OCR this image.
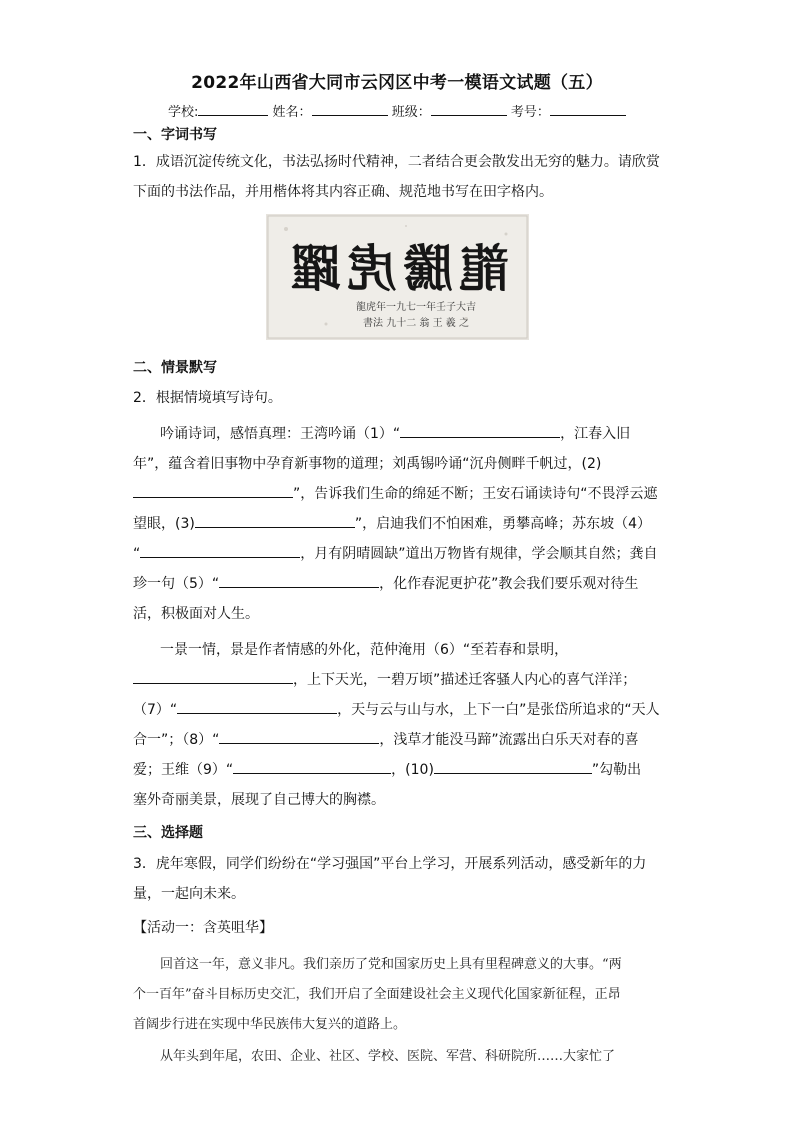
2022年山西省大同市云冈区中考一模语文试题（五）
学校:	姓名：	班级：	考号：
一、字词书写
1．成语沉淀传统文化，书法弘扬时代精神，二者结合更会散发出无穷的魅力。请欣赏
下面的书法作品，并用楷体将其内容正确、规范地书写在田字格内。
龍騰虎躍
龍虎年一九七一年壬子大吉
書法 九十二 翁 王 羲 之
二、情景默写
2．根据情境填写诗句。
吟诵诗词，感悟真理：王湾吟诵（1）“	，江春入旧
年”，蕴含着旧事物中孕育新事物的道理；刘禹锡吟诵“沉舟侧畔千帆过，(2)
”，告诉我们生命的绵延不断；王安石诵读诗句“不畏浮云遮
望眼，(3)	”，启迪我们不怕困难，勇攀高峰；苏东坡（4）
“	，月有阴晴圆缺”道出万物皆有规律，学会顺其自然；龚自
珍一句（5）“	，化作春泥更护花”教会我们要乐观对待生
活，积极面对人生。
一景一情，景是作者情感的外化，范仲淹用（6）“至若春和景明，
，上下天光，一碧万顷”描述迁客骚人内心的喜气洋洋；
（7）“	，天与云与山与水，上下一白”是张岱所追求的“天人
合一”；（8）“	，浅草才能没马蹄”流露出白乐天对春的喜
爱；王维（9）“	，(10)	”勾勒出
塞外奇丽美景，展现了自己博大的胸襟。
三、选择题
3．虎年寒假，同学们纷纷在“学习强国”平台上学习，开展系列活动，感受新年的力
量，一起向未来。
【活动一：含英咀华】
回首这一年，意义非凡。我们亲历了党和国家历史上具有里程碑意义的大事。“两
个一百年”奋斗目标历史交汇，我们开启了全面建设社会主义现代化国家新征程，正昂
首阔步行进在实现中华民族伟大复兴的道路上。
从年头到年尾，农田、企业、社区、学校、医院、军营、科研院所……大家忙了
